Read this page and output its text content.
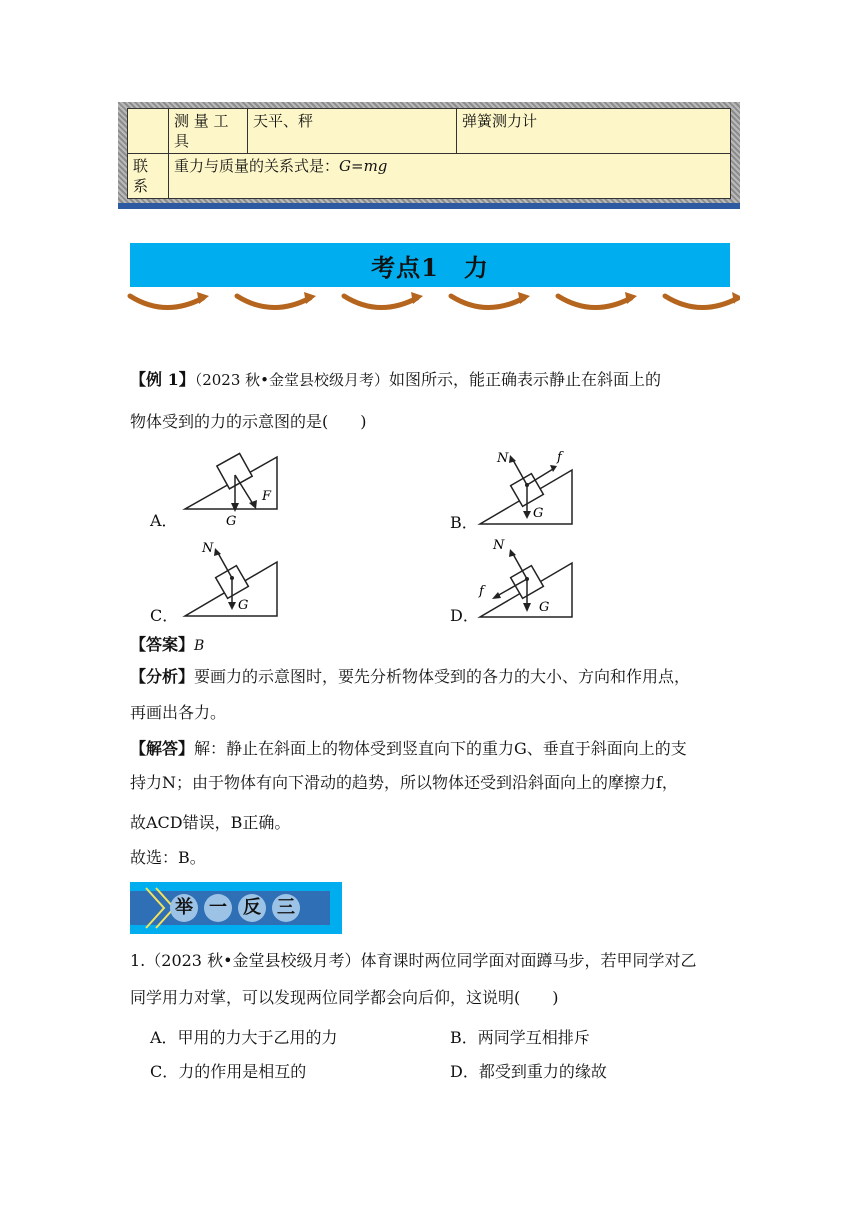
	测 量 工 具	天平、秤	弹簧测力计
联 系	重力与质量的关系式是：G=mg		
考点1　力
【例 1】（2023 秋•金堂县校级月考）如图所示，能正确表示静止在斜面上的
物体受到的力的示意图的是(　　)
A．	G
F
B．
N	f
G
C．
N
G
D．
N
f
G
【答案】B
【分析】要画力的示意图时，要先分析物体受到的各力的大小、方向和作用点，
再画出各力。
【解答】解：静止在斜面上的物体受到竖直向下的重力G、垂直于斜面向上的支
持力N；由于物体有向下滑动的趋势，所以物体还受到沿斜面向上的摩擦力f，
故ACD错误，B正确。
故选：B。
举 一 反 三
1.（2023 秋•金堂县校级月考）体育课时两位同学面对面蹲马步，若甲同学对乙
同学用力对掌，可以发现两位同学都会向后仰，这说明(　　)
A．甲用的力大于乙用的力	B．两同学互相排斥
C．力的作用是相互的	D．都受到重力的缘故
